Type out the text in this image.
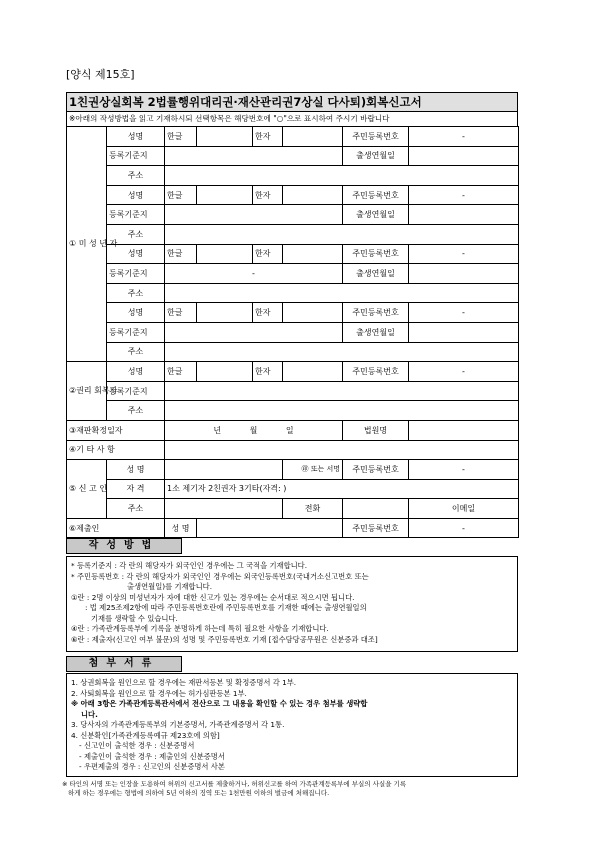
[양식 제15호]
1친권상실회복 2법률행위대리권·재산관리권7상실 다사퇴)회복신고서
※아래의 작성방법을 읽고 기재하시되 선택항목은 해당번호에 "○"으로 표시하여 주시기 바랍니다
① 미 성 년 자	성명	한글		한자		주민등록번호	-	
	등록기준지					출생연월일		
	주소							
	성명	한글		한자		주민등록번호	-	
	등록기준지					출생연월일		
	주소							
	성명	한글		한자		주민등록번호	-	
	등록기준지	-				출생연월일		
	주소							
	성명	한글		한자		주민등록번호	-	
	등록기준지					출생연월일		
	주소							
②권리 회복자	성명	한글		한자		주민등록번호	-	
	등록기준지							
	주소							
③재판확정일자		년 월 일				법원명		
④기 타 사 항								
⑤ 신 고 인	성 명				㊞ 또는 서명	주민등록번호	-	
	자 격	1소 제기자 2친권자 3기타(자격: )						
	주소				전화		이메일	
⑥제출인		성 명				주민등록번호	-	
작성방법

* 등록기준지 : 각 란의 해당자가 외국인인 경우에는 그 국적을 기재합니다.

* 주민등록번호 : 각 란의 해당자가 외국인인 경우에는 외국인등록번호(국내거소신고번호 또는

출생연월일)를 기재합니다.

①란 : 2명 이상의 미성년자가 자에 대한 신고가 있는 경우에는 순서대로 적으시면 됩니다.

: 법 제25조제2항에 따라 주민등록번호란에 주민등록번호를 기재한 때에는 출생연월일의

기재를 생략할 수 있습니다.

④란 : 가족관계등록부에 기록을 분명하게 하는데 특히 필요한 사항을 기재합니다.

⑥란 : 제출자(신고인 여부 불문)의 성명 및 주민등록번호 기재 [접수담당공무원은 신분증과 대조]

첨부서류

1. 상권회복을 원인으로 할 경우에는 재판서등본 및 확정증명서 각 1부.

2. 사퇴회복을 원인으로 할 경우에는 허가심판등본 1부.

※ 아래 3항은 가족관계등록관서에서 전산으로 그 내용을 확인할 수 있는 경우 첨부를 생략합

니다.

3. 당사자의 가족관계등록부의 기본증명서, 가족관계증명서 각 1통.

4. 신분확인[가족관계등록예규 제23호에 의함]

- 신고인이 출석한 경우 : 신분증명서

- 제출인이 출석한 경우 : 제출인의 신분증명서

- 우편제출의 경우 : 신고인의 신분증명서 사본

※ 타인의 서명 또는 인장을 도용하여 허위의 신고서를 제출하거나, 허위신고를 하여 가족관계등록부에 부실의 사실을 기록

하게 하는 경우에는 형법에 의하여 5년 이하의 징역 또는 1천만원 이하의 벌금에 처해집니다.
